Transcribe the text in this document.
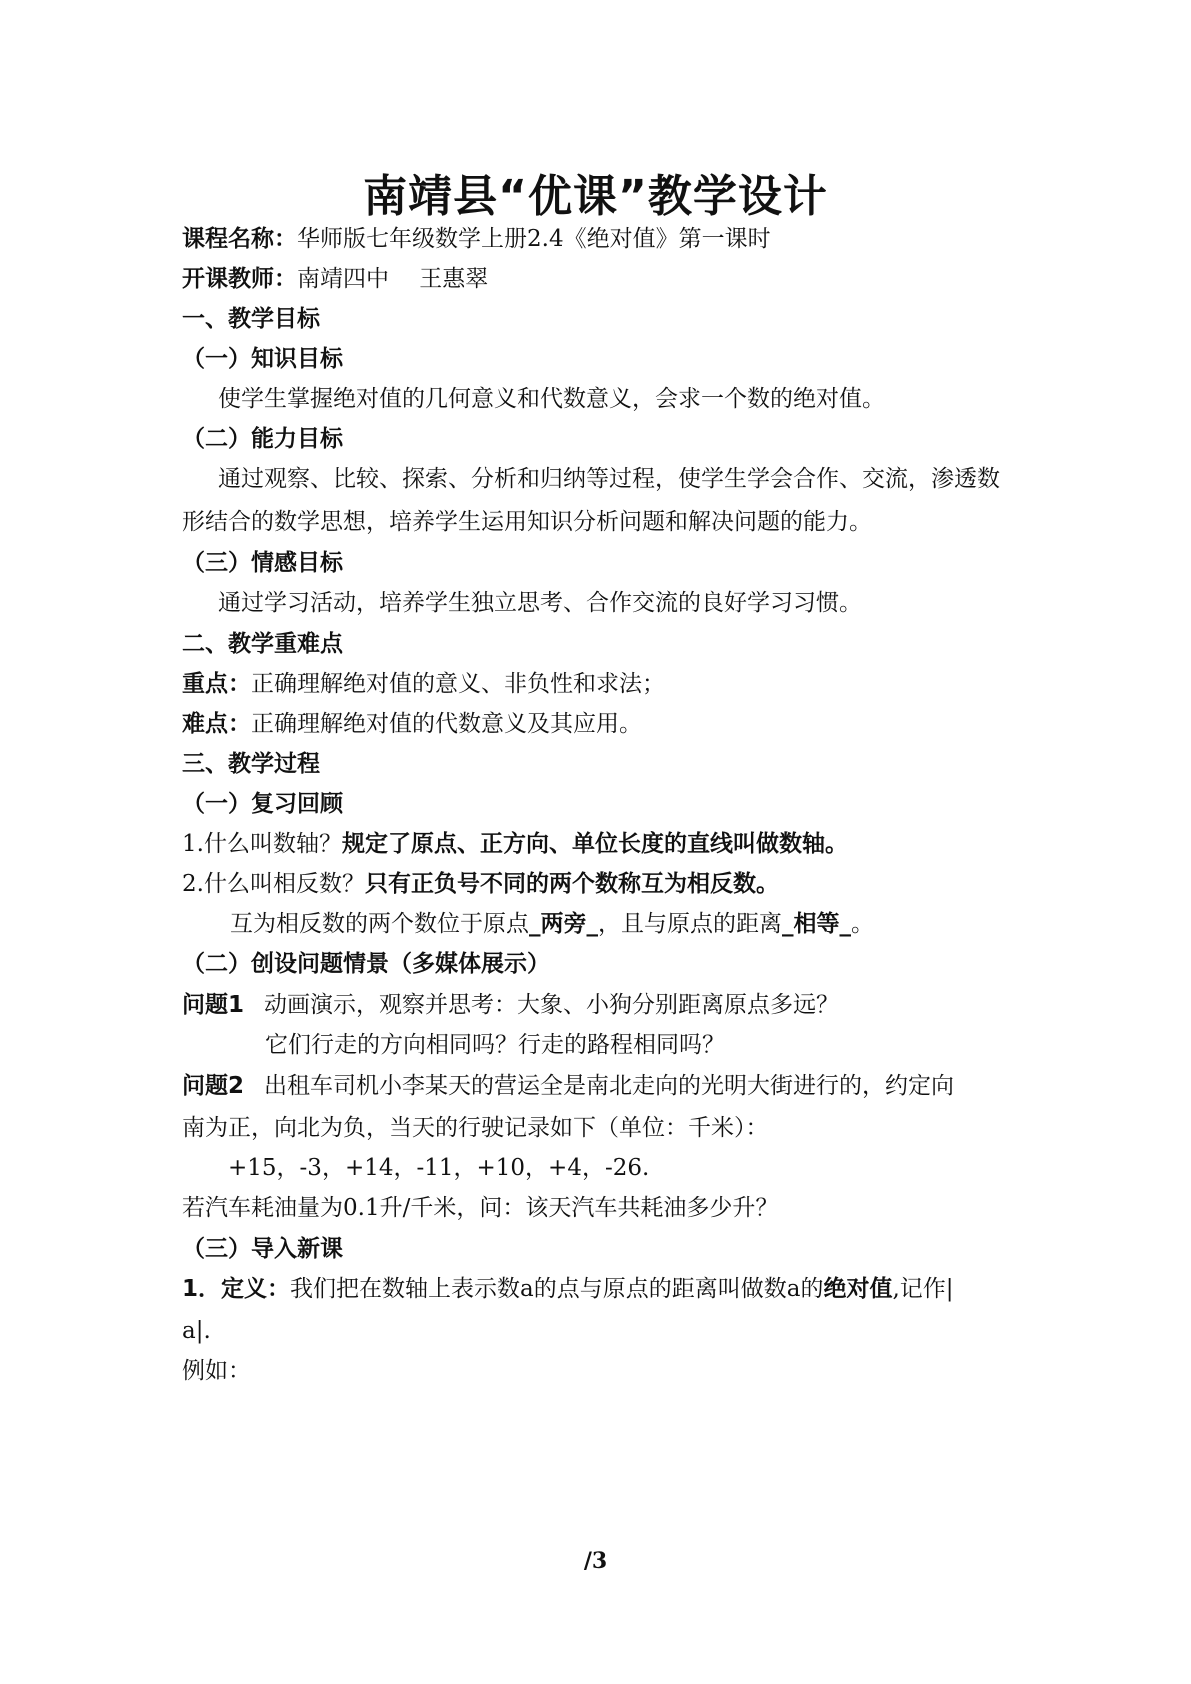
南靖县“优课”教学设计
课程名称：华师版七年级数学上册2.4《绝对值》第一课时
开课教师：南靖四中　 王惠翠
一、教学目标
（一）知识目标
使学生掌握绝对值的几何意义和代数意义，会求一个数的绝对值。
（二）能力目标
通过观察、比较、探索、分析和归纳等过程，使学生学会合作、交流，渗透数
形结合的数学思想，培养学生运用知识分析问题和解决问题的能力。
（三）情感目标
通过学习活动，培养学生独立思考、合作交流的良好学习习惯。
二、教学重难点
重点：正确理解绝对值的意义、非负性和求法；
难点：正确理解绝对值的代数意义及其应用。
三、教学过程
（一）复习回顾
1.什么叫数轴？规定了原点、正方向、单位长度的直线叫做数轴。
2.什么叫相反数？只有正负号不同的两个数称互为相反数。
互为相反数的两个数位于原点_两旁_，且与原点的距离_相等_。
（二）创设问题情景（多媒体展示）
问题1 动画演示，观察并思考：大象、小狗分别距离原点多远？
它们行走的方向相同吗？行走的路程相同吗？
问题2 出租车司机小李某天的营运全是南北走向的光明大街进行的，约定向
南为正，向北为负，当天的行驶记录如下（单位：千米）：
+15，-3，+14，-11，+10，+4，-26.
若汽车耗油量为0.1升/千米，问：该天汽车共耗油多少升？
（三）导入新课
1．定义：我们把在数轴上表示数a的点与原点的距离叫做数a的绝对值,记作|
a|.
例如：
/3
